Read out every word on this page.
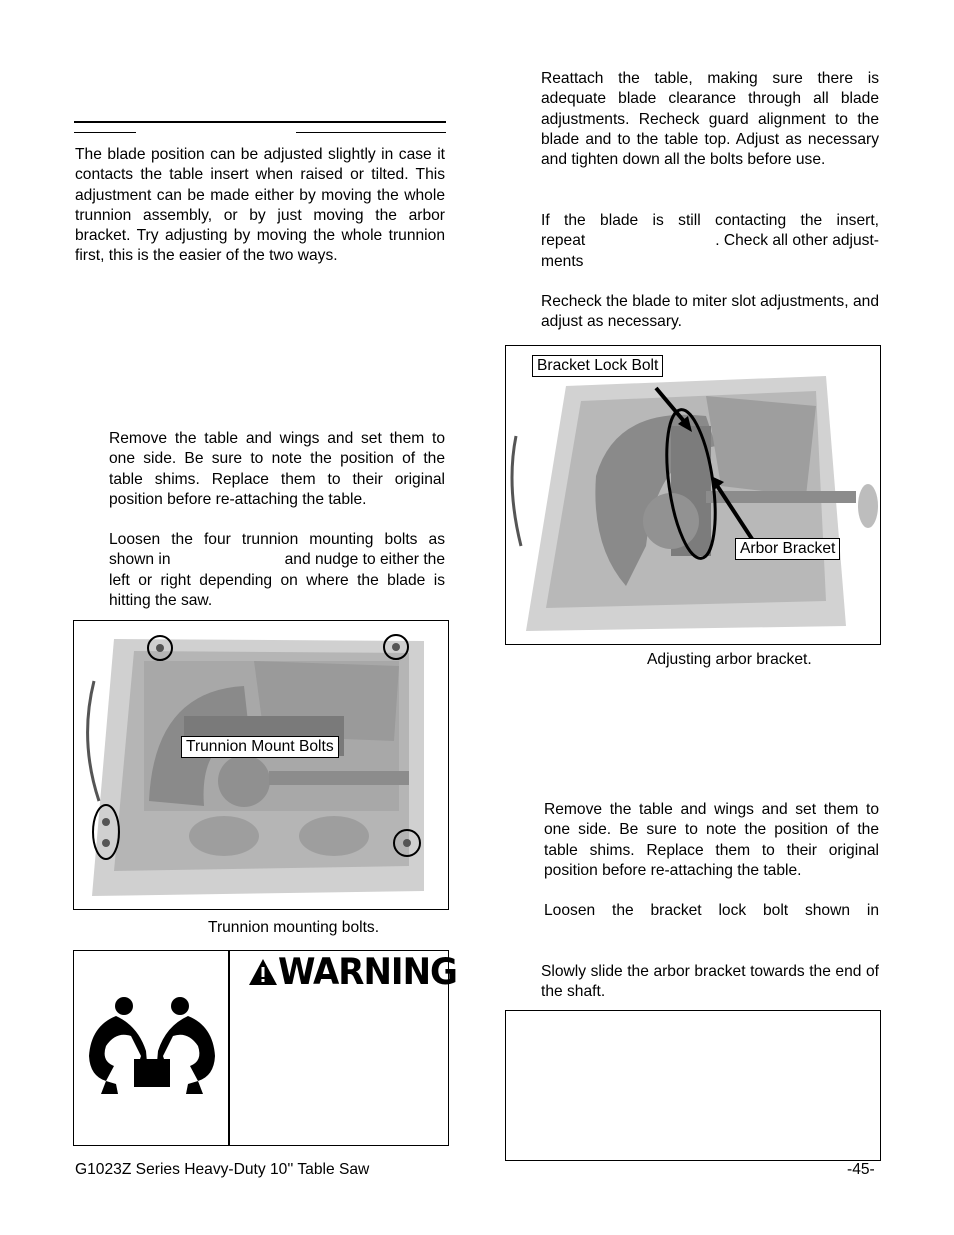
The blade position can be adjusted slightly in case it contacts the table insert when raised or tilted. This adjustment can be made either by moving the whole trunnion assembly, or by just moving the arbor bracket. Try adjusting by moving the whole trunnion first, this is the easier of the two ways.

Remove the table and wings and set them to one side. Be sure to note the position of the table shims. Replace them to their original position before re-attaching the table.

Loosen the four trunnion mounting bolts as
shown in	and nudge to either the
left or right depending on where the blade is hitting the saw.
Trunnion Mount Bolts
Trunnion mounting bolts.
WARNING

Reattach the table, making sure there is adequate blade clearance through all blade adjustments. Recheck guard alignment to the blade and to the table top. Adjust as necessary and tighten down all the bolts before use.

If the blade is still contacting the insert,
repeat	. Check all other adjust-
ments

Recheck the blade to miter slot adjustments, and adjust as necessary.

Bracket Lock Bolt
Arbor Bracket
Adjusting arbor bracket.

Remove the table and wings and set them to one side. Be sure to note the position of the table shims. Replace them to their original position before re-attaching the table.

Loosen the bracket lock bolt shown in

Slowly slide the arbor bracket towards the end of the shaft.

G1023Z Series Heavy-Duty 10'' Table Saw	-45-
